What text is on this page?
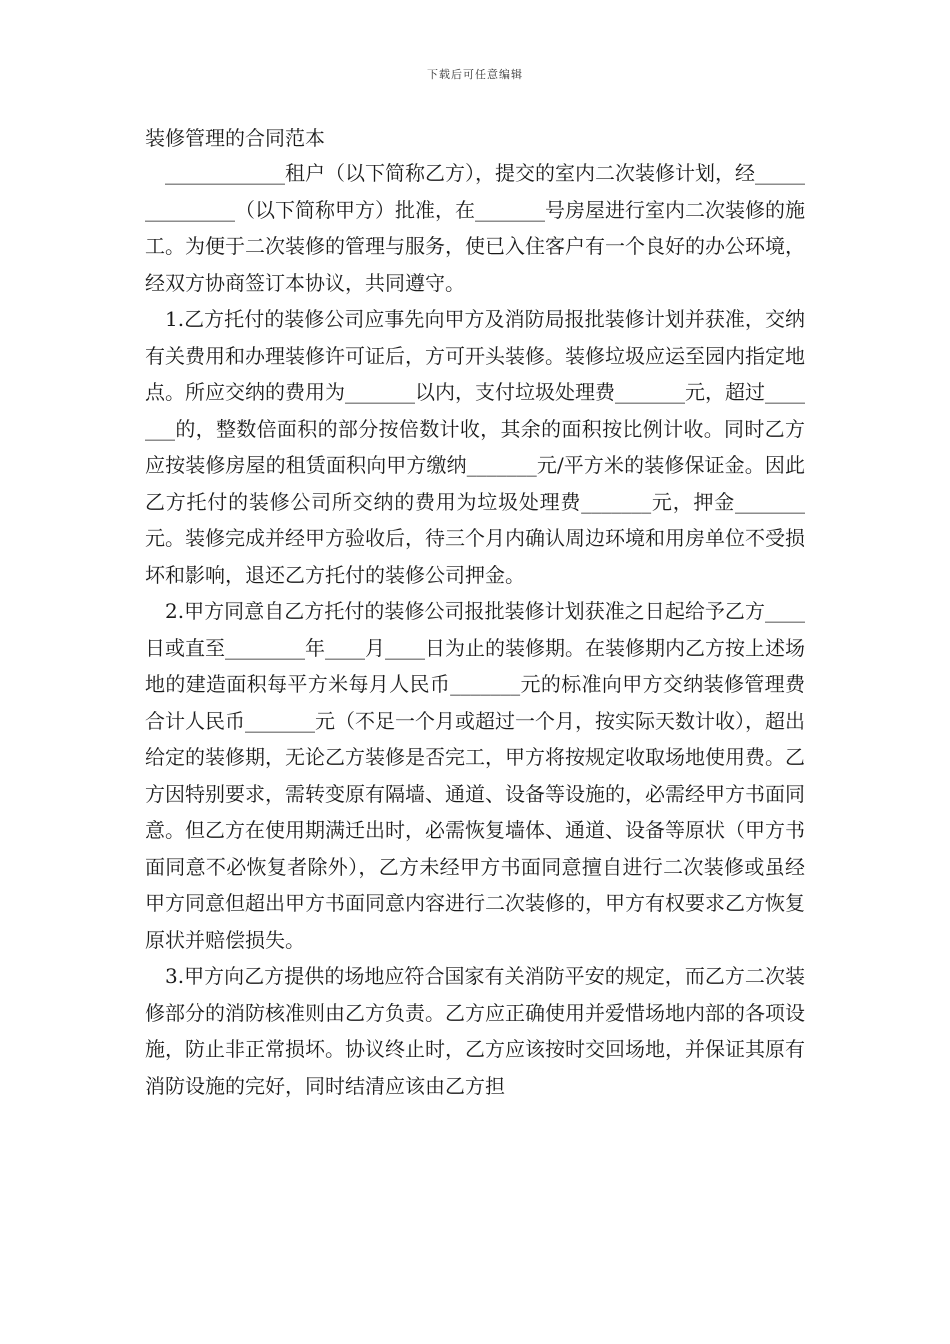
下载后可任意编辑
装修管理的合同范本

____________租户（以下简称乙方），提交的室内二次装修计划，经______________（以下简称甲方）批准，在_______号房屋进行室内二次装修的施工。为便于二次装修的管理与服务，使已入住客户有一个良好的办公环境，经双方协商签订本协议，共同遵守。

1.乙方托付的装修公司应事先向甲方及消防局报批装修计划并获准，交纳有关费用和办理装修许可证后，方可开头装修。装修垃圾应运至园内指定地点。所应交纳的费用为_______以内，支付垃圾处理费_______元，超过_______的，整数倍面积的部分按倍数计收，其余的面积按比例计收。同时乙方应按装修房屋的租赁面积向甲方缴纳_______元/平方米的装修保证金。因此乙方托付的装修公司所交纳的费用为垃圾处理费_______元，押金_______元。装修完成并经甲方验收后，待三个月内确认周边环境和用房单位不受损坏和影响，退还乙方托付的装修公司押金。

2.甲方同意自乙方托付的装修公司报批装修计划获准之日起给予乙方____日或直至________年____月____日为止的装修期。在装修期内乙方按上述场地的建造面积每平方米每月人民币_______元的标准向甲方交纳装修管理费合计人民币_______元（不足一个月或超过一个月，按实际天数计收），超出给定的装修期，无论乙方装修是否完工，甲方将按规定收取场地使用费。乙方因特别要求，需转变原有隔墙、通道、设备等设施的，必需经甲方书面同意。但乙方在使用期满迁出时，必需恢复墙体、通道、设备等原状（甲方书面同意不必恢复者除外），乙方未经甲方书面同意擅自进行二次装修或虽经甲方同意但超出甲方书面同意内容进行二次装修的，甲方有权要求乙方恢复原状并赔偿损失。

3.甲方向乙方提供的场地应符合国家有关消防平安的规定，而乙方二次装修部分的消防核准则由乙方负责。乙方应正确使用并爱惜场地内部的各项设施，防止非正常损坏。协议终止时，乙方应该按时交回场地，并保证其原有消防设施的完好，同时结清应该由乙方担
